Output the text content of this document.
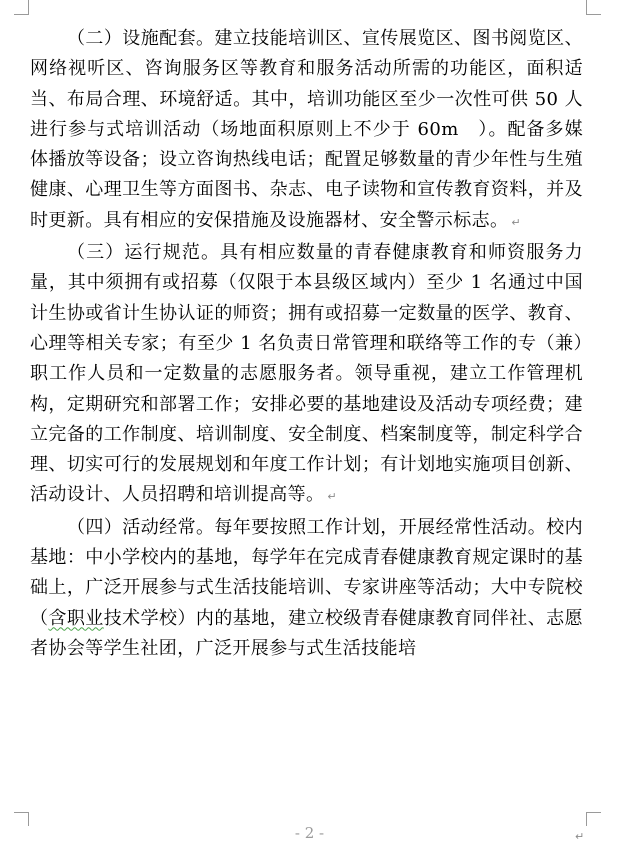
（二）设施配套。建立技能培训区、宣传展览区、图书阅览区、网络视听区、咨询服务区等教育和服务活动所需的功能区，面积适当、布局合理、环境舒适。其中，培训功能区至少一次性可供 50 人进行参与式培训活动（场地面积原则上不少于 60m　）。配备多媒体播放等设备；设立咨询热线电话；配置足够数量的青少年性与生殖健康、心理卫生等方面图书、杂志、电子读物和宣传教育资料，并及时更新。具有相应的安保措施及设施器材、安全警示标志。 ↵

（三）运行规范。具有相应数量的青春健康教育和师资服务力量，其中须拥有或招募（仅限于本县级区域内）至少 1 名通过中国计生协或省计生协认证的师资；拥有或招募一定数量的医学、教育、心理等相关专家；有至少 1 名负责日常管理和联络等工作的专（兼）职工作人员和一定数量的志愿服务者。领导重视，建立工作管理机构，定期研究和部署工作；安排必要的基地建设及活动专项经费；建立完备的工作制度、培训制度、安全制度、档案制度等，制定科学合理、切实可行的发展规划和年度工作计划；有计划地实施项目创新、活动设计、人员招聘和培训提高等。 ↵

（四）活动经常。每年要按照工作计划，开展经常性活动。校内基地：中小学校内的基地，每学年在完成青春健康教育规定课时的基础上，广泛开展参与式生活技能培训、专家讲座等活动；大中专院校（含职业技术学校）内的基地，建立校级青春健康教育同伴社、志愿者协会等学生社团，广泛开展参与式生活技能培

- 2 -	↵
